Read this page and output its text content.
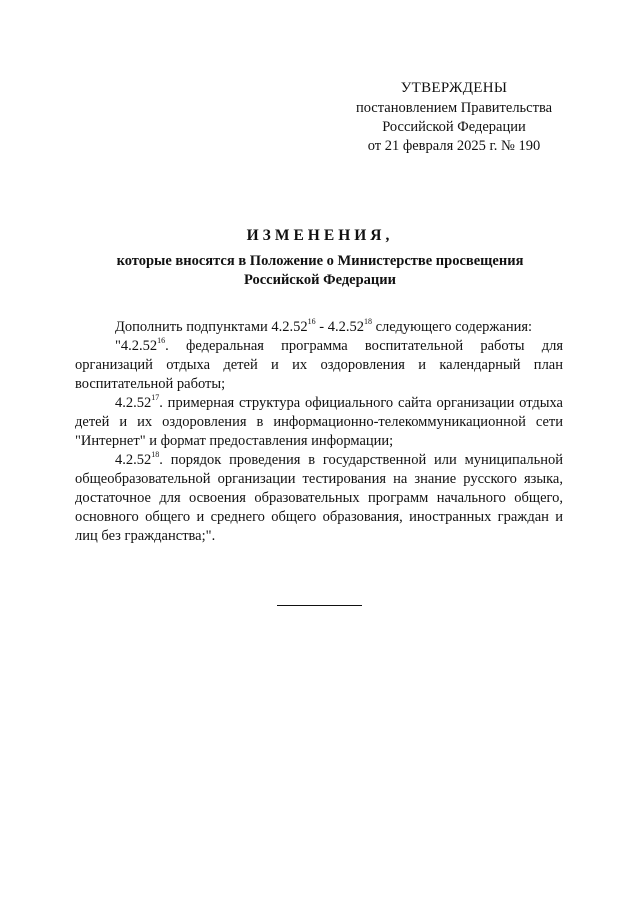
УТВЕРЖДЕНЫ
постановлением Правительства
Российской Федерации
от 21 февраля 2025 г. № 190
ИЗМЕНЕНИЯ,
которые вносятся в Положение о Министерстве просвещения
Российской Федерации

Дополнить подпунктами 4.2.52$^{16}$ - 4.2.52$^{18}$ следующего содержания:

"4.2.52$^{16}$. федеральная программа воспитательной работы для организаций отдыха детей и их оздоровления и календарный план воспитательной работы;

4.2.52$^{17}$. примерная структура официального сайта организации отдыха детей и их оздоровления в информационно-телекоммуникационной сети "Интернет" и формат предоставления информации;

4.2.52$^{18}$. порядок проведения в государственной или муниципальной общеобразовательной организации тестирования на знание русского языка, достаточное для освоения образовательных программ начального общего, основного общего и среднего общего образования, иностранных граждан и лиц без гражданства;".
